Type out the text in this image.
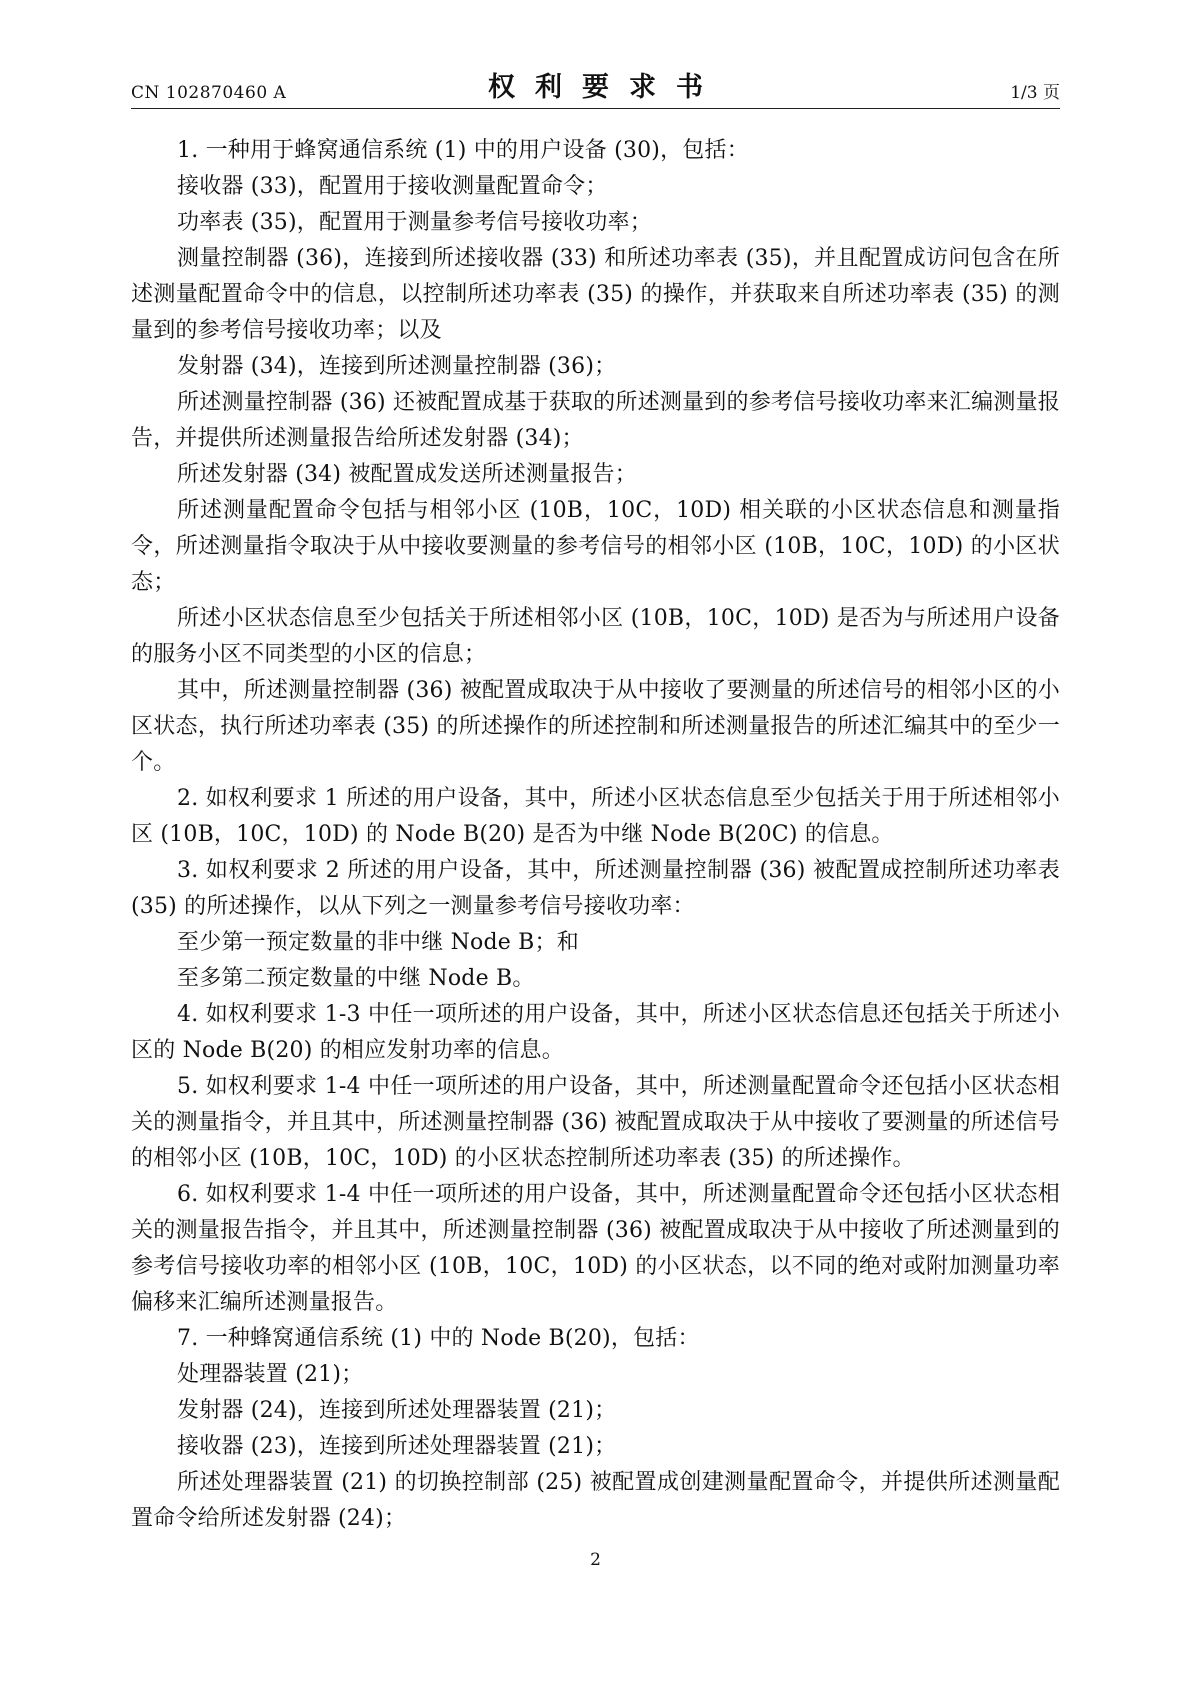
CN 102870460 A	权利要求书	1/3 页

1. 一种用于蜂窝通信系统 (1) 中的用户设备 (30)，包括：

接收器 (33)，配置用于接收测量配置命令；

功率表 (35)，配置用于测量参考信号接收功率；

测量控制器 (36)，连接到所述接收器 (33) 和所述功率表 (35)，并且配置成访问包含在所述测量配置命令中的信息，以控制所述功率表 (35) 的操作，并获取来自所述功率表 (35) 的测量到的参考信号接收功率；以及

发射器 (34)，连接到所述测量控制器 (36)；

所述测量控制器 (36) 还被配置成基于获取的所述测量到的参考信号接收功率来汇编测量报告，并提供所述测量报告给所述发射器 (34)；

所述发射器 (34) 被配置成发送所述测量报告；

所述测量配置命令包括与相邻小区 (10B，10C，10D) 相关联的小区状态信息和测量指令，所述测量指令取决于从中接收要测量的参考信号的相邻小区 (10B，10C，10D) 的小区状态；

所述小区状态信息至少包括关于所述相邻小区 (10B，10C，10D) 是否为与所述用户设备的服务小区不同类型的小区的信息；

其中，所述测量控制器 (36) 被配置成取决于从中接收了要测量的所述信号的相邻小区的小区状态，执行所述功率表 (35) 的所述操作的所述控制和所述测量报告的所述汇编其中的至少一个。

2. 如权利要求 1 所述的用户设备，其中，所述小区状态信息至少包括关于用于所述相邻小区 (10B，10C，10D) 的 Node B(20) 是否为中继 Node B(20C) 的信息。

3. 如权利要求 2 所述的用户设备，其中，所述测量控制器 (36) 被配置成控制所述功率表 (35) 的所述操作，以从下列之一测量参考信号接收功率：

至少第一预定数量的非中继 Node B；和

至多第二预定数量的中继 Node B。

4. 如权利要求 1-3 中任一项所述的用户设备，其中，所述小区状态信息还包括关于所述小区的 Node B(20) 的相应发射功率的信息。

5. 如权利要求 1-4 中任一项所述的用户设备，其中，所述测量配置命令还包括小区状态相关的测量指令，并且其中，所述测量控制器 (36) 被配置成取决于从中接收了要测量的所述信号的相邻小区 (10B，10C，10D) 的小区状态控制所述功率表 (35) 的所述操作。

6. 如权利要求 1-4 中任一项所述的用户设备，其中，所述测量配置命令还包括小区状态相关的测量报告指令，并且其中，所述测量控制器 (36) 被配置成取决于从中接收了所述测量到的参考信号接收功率的相邻小区 (10B，10C，10D) 的小区状态，以不同的绝对或附加测量功率偏移来汇编所述测量报告。

7. 一种蜂窝通信系统 (1) 中的 Node B(20)，包括：

处理器装置 (21)；

发射器 (24)，连接到所述处理器装置 (21)；

接收器 (23)，连接到所述处理器装置 (21)；

所述处理器装置 (21) 的切换控制部 (25) 被配置成创建测量配置命令，并提供所述测量配置命令给所述发射器 (24)；

2
